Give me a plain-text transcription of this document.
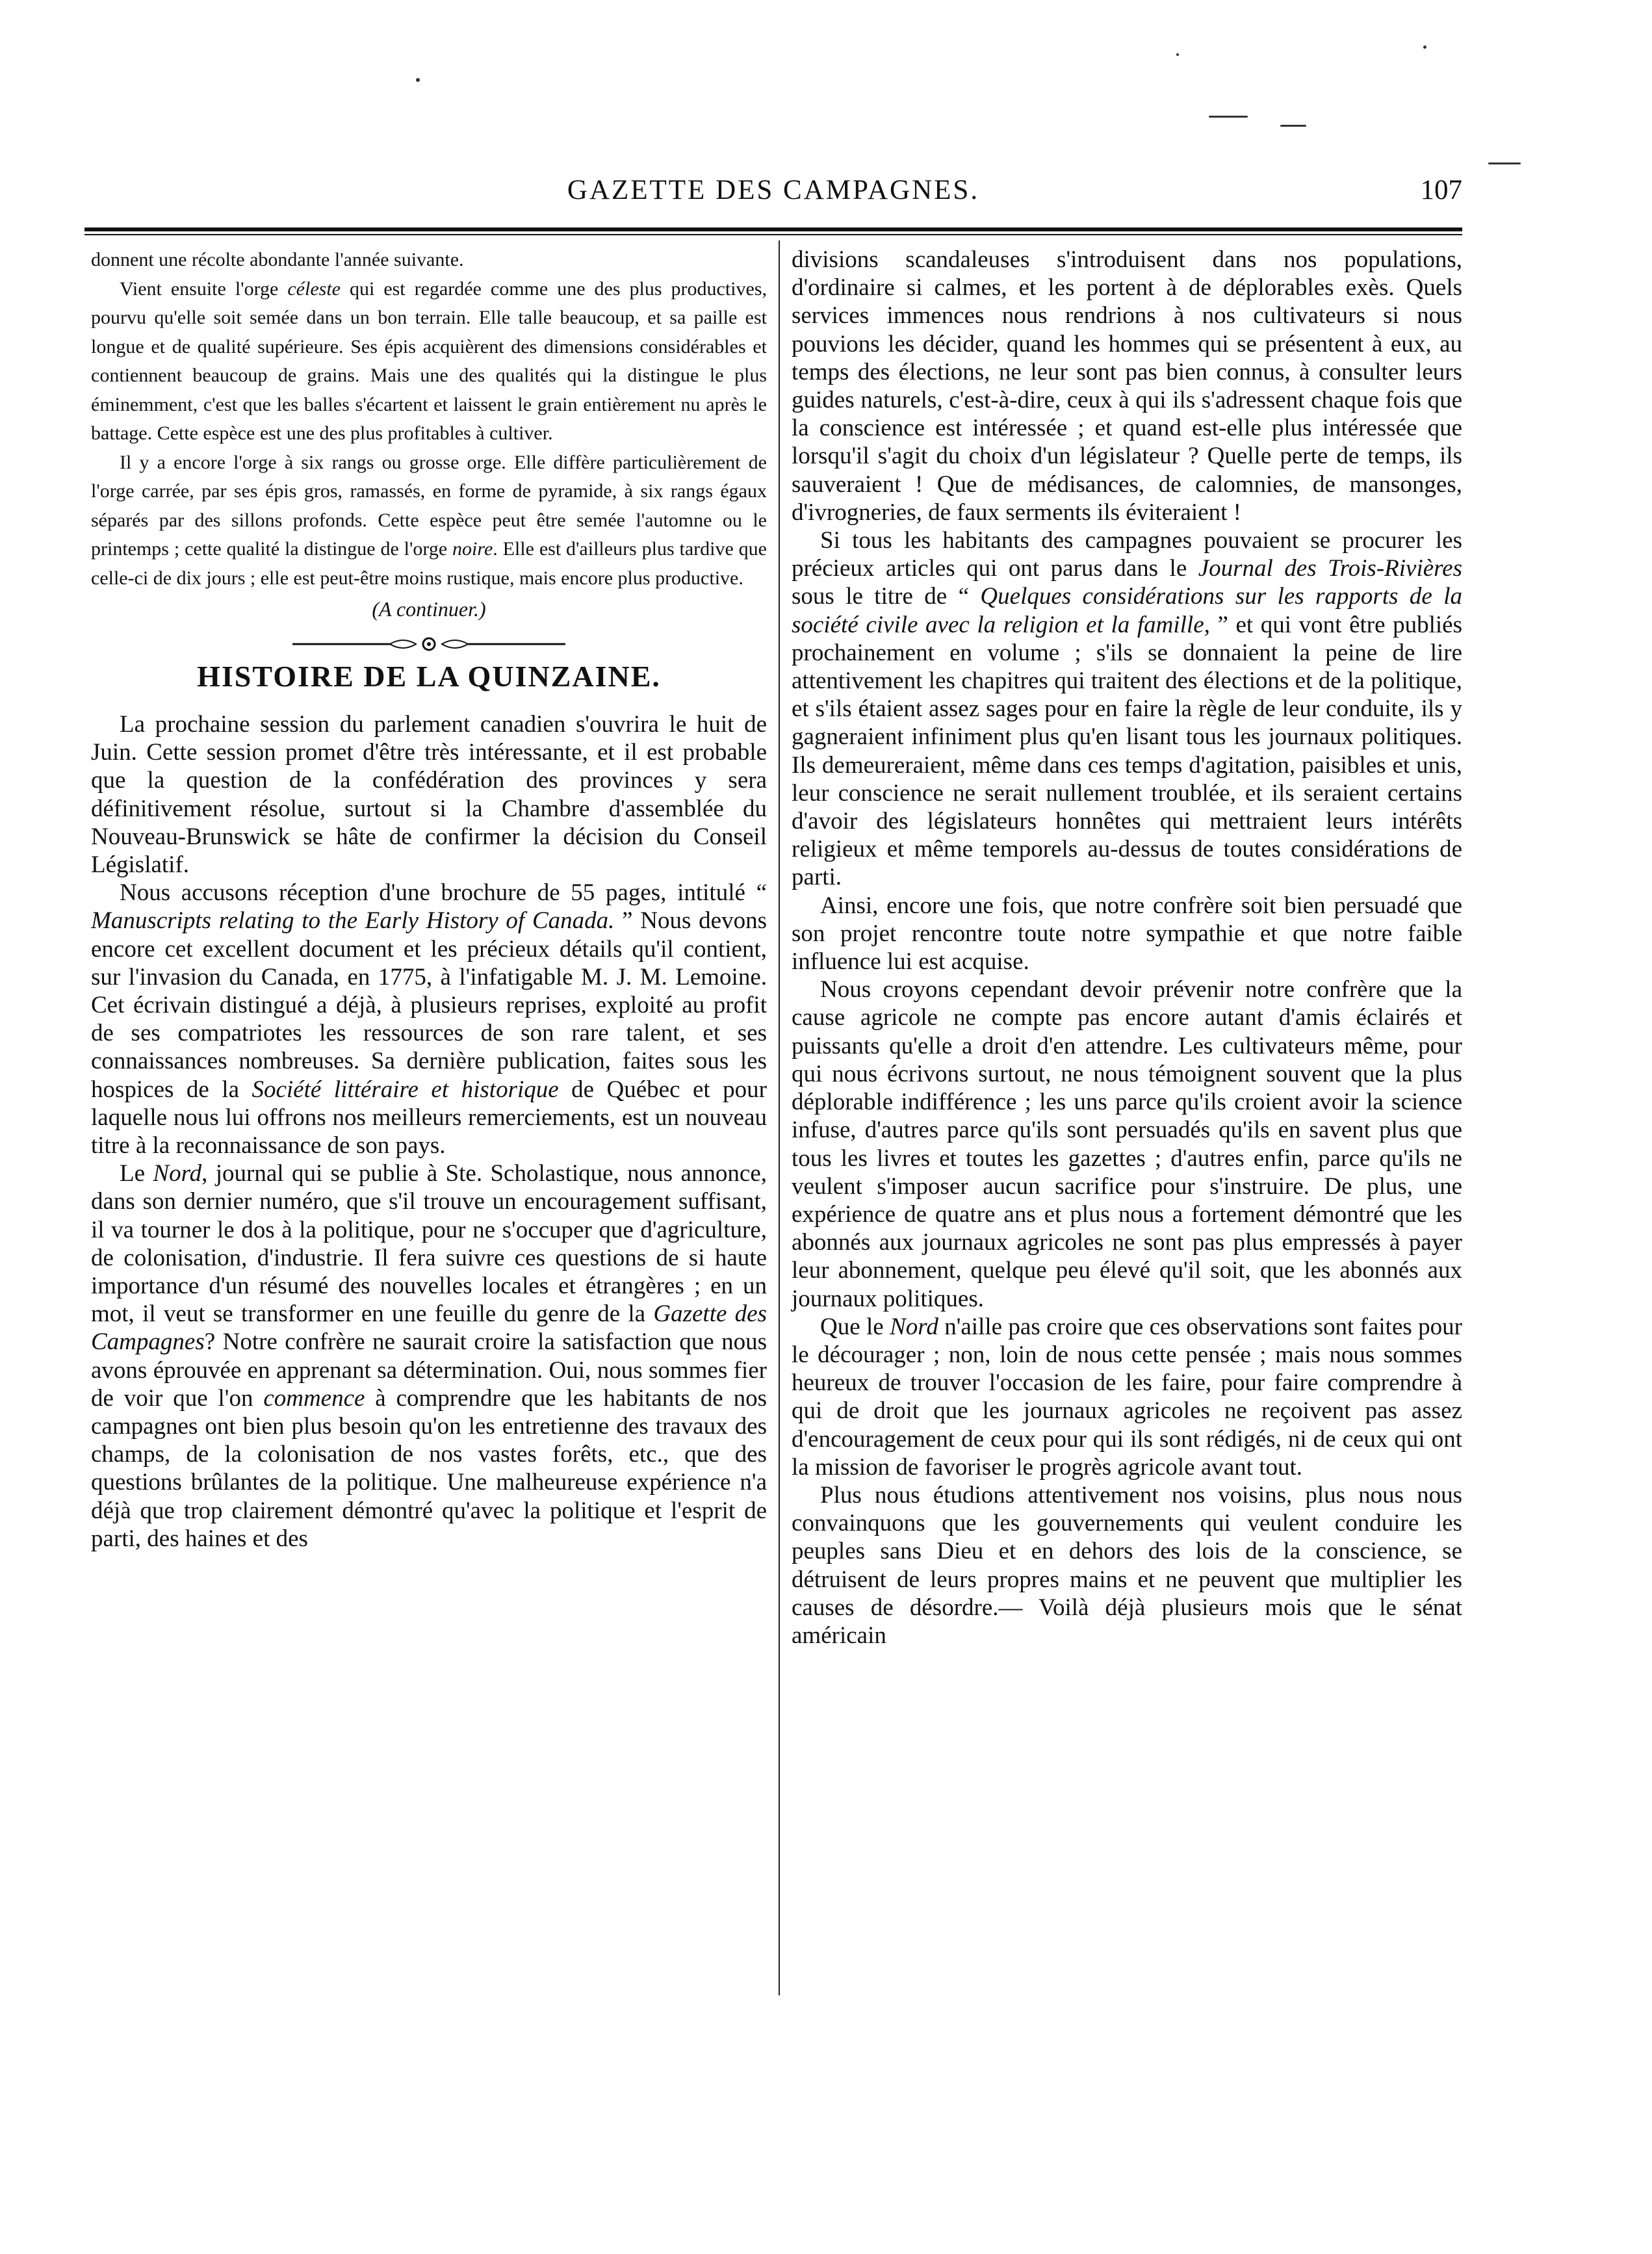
GAZETTE DES CAMPAGNES.	107

donnent une récolte abondante l'année suivante.

Vient ensuite l'orge céleste qui est regardée comme une des plus productives, pourvu qu'elle soit semée dans un bon terrain. Elle talle beaucoup, et sa paille est longue et de qualité supérieure. Ses épis acquièrent des dimensions considérables et contiennent beaucoup de grains. Mais une des qualités qui la distingue le plus éminemment, c'est que les balles s'écartent et laissent le grain entièrement nu après le battage. Cette espèce est une des plus profitables à cultiver.

Il y a encore l'orge à six rangs ou grosse orge. Elle diffère particulièrement de l'orge carrée, par ses épis gros, ramassés, en forme de pyramide, à six rangs égaux séparés par des sillons profonds. Cette espèce peut être semée l'automne ou le printemps ; cette qualité la distingue de l'orge noire. Elle est d'ailleurs plus tardive que celle-ci de dix jours ; elle est peut-être moins rustique, mais encore plus productive.

(A continuer.)

HISTOIRE DE LA QUINZAINE.

La prochaine session du parlement canadien s'ouvrira le huit de Juin. Cette session promet d'être très intéressante, et il est probable que la question de la confédération des provinces y sera définitivement résolue, surtout si la Chambre d'assemblée du Nouveau-Brunswick se hâte de confirmer la décision du Conseil Législatif.

Nous accusons réception d'une brochure de 55 pages, intitulé “ Manuscripts relating to the Early History of Canada. ” Nous devons encore cet excellent document et les précieux détails qu'il contient, sur l'invasion du Canada, en 1775, à l'infatigable M. J. M. Lemoine. Cet écrivain distingué a déjà, à plusieurs reprises, exploité au profit de ses compatriotes les ressources de son rare talent, et ses connaissances nombreuses. Sa dernière publication, faites sous les hospices de la Société littéraire et historique de Québec et pour laquelle nous lui offrons nos meilleurs remerciements, est un nouveau titre à la reconnaissance de son pays.

Le Nord, journal qui se publie à Ste. Scholastique, nous annonce, dans son dernier numéro, que s'il trouve un encouragement suffisant, il va tourner le dos à la politique, pour ne s'occuper que d'agriculture, de colonisation, d'industrie. Il fera suivre ces questions de si haute importance d'un résumé des nouvelles locales et étrangères ; en un mot, il veut se transformer en une feuille du genre de la Gazette des Campagnes? Notre confrère ne saurait croire la satisfaction que nous avons éprouvée en apprenant sa détermination. Oui, nous sommes fier de voir que l'on commence à comprendre que les habitants de nos campagnes ont bien plus besoin qu'on les entretienne des travaux des champs, de la colonisation de nos vastes forêts, etc., que des questions brûlantes de la politique. Une malheureuse expérience n'a déjà que trop clairement démontré qu'avec la politique et l'esprit de parti, des haines et des

divisions scandaleuses s'introduisent dans nos populations, d'ordinaire si calmes, et les portent à de déplorables exès. Quels services immences nous rendrions à nos cultivateurs si nous pouvions les décider, quand les hommes qui se présentent à eux, au temps des élections, ne leur sont pas bien connus, à consulter leurs guides naturels, c'est-à-dire, ceux à qui ils s'adressent chaque fois que la conscience est intéressée ; et quand est-elle plus intéressée que lorsqu'il s'agit du choix d'un législateur ? Quelle perte de temps, ils sauveraient ! Que de médisances, de calomnies, de mansonges, d'ivrogneries, de faux serments ils éviteraient !

Si tous les habitants des campagnes pouvaient se procurer les précieux articles qui ont parus dans le Journal des Trois-Rivières sous le titre de “ Quelques considérations sur les rapports de la société civile avec la religion et la famille, ” et qui vont être publiés prochainement en volume ; s'ils se donnaient la peine de lire attentivement les chapitres qui traitent des élections et de la politique, et s'ils étaient assez sages pour en faire la règle de leur conduite, ils y gagneraient infiniment plus qu'en lisant tous les journaux politiques. Ils demeureraient, même dans ces temps d'agitation, paisibles et unis, leur conscience ne serait nullement troublée, et ils seraient certains d'avoir des législateurs honnêtes qui mettraient leurs intérêts religieux et même temporels au-dessus de toutes considérations de parti.

Ainsi, encore une fois, que notre confrère soit bien persuadé que son projet rencontre toute notre sympathie et que notre faible influence lui est acquise.

Nous croyons cependant devoir prévenir notre confrère que la cause agricole ne compte pas encore autant d'amis éclairés et puissants qu'elle a droit d'en attendre. Les cultivateurs même, pour qui nous écrivons surtout, ne nous témoignent souvent que la plus déplorable indifférence ; les uns parce qu'ils croient avoir la science infuse, d'autres parce qu'ils sont persuadés qu'ils en savent plus que tous les livres et toutes les gazettes ; d'autres enfin, parce qu'ils ne veulent s'imposer aucun sacrifice pour s'instruire. De plus, une expérience de quatre ans et plus nous a fortement démontré que les abonnés aux journaux agricoles ne sont pas plus empressés à payer leur abonnement, quelque peu élevé qu'il soit, que les abonnés aux journaux politiques.

Que le Nord n'aille pas croire que ces observations sont faites pour le décourager ; non, loin de nous cette pensée ; mais nous sommes heureux de trouver l'occasion de les faire, pour faire comprendre à qui de droit que les journaux agricoles ne reçoivent pas assez d'encouragement de ceux pour qui ils sont rédigés, ni de ceux qui ont la mission de favoriser le progrès agricole avant tout.

Plus nous étudions attentivement nos voisins, plus nous nous convainquons que les gouvernements qui veulent conduire les peuples sans Dieu et en dehors des lois de la conscience, se détruisent de leurs propres mains et ne peuvent que multiplier les causes de désordre.— Voilà déjà plusieurs mois que le sénat américain
